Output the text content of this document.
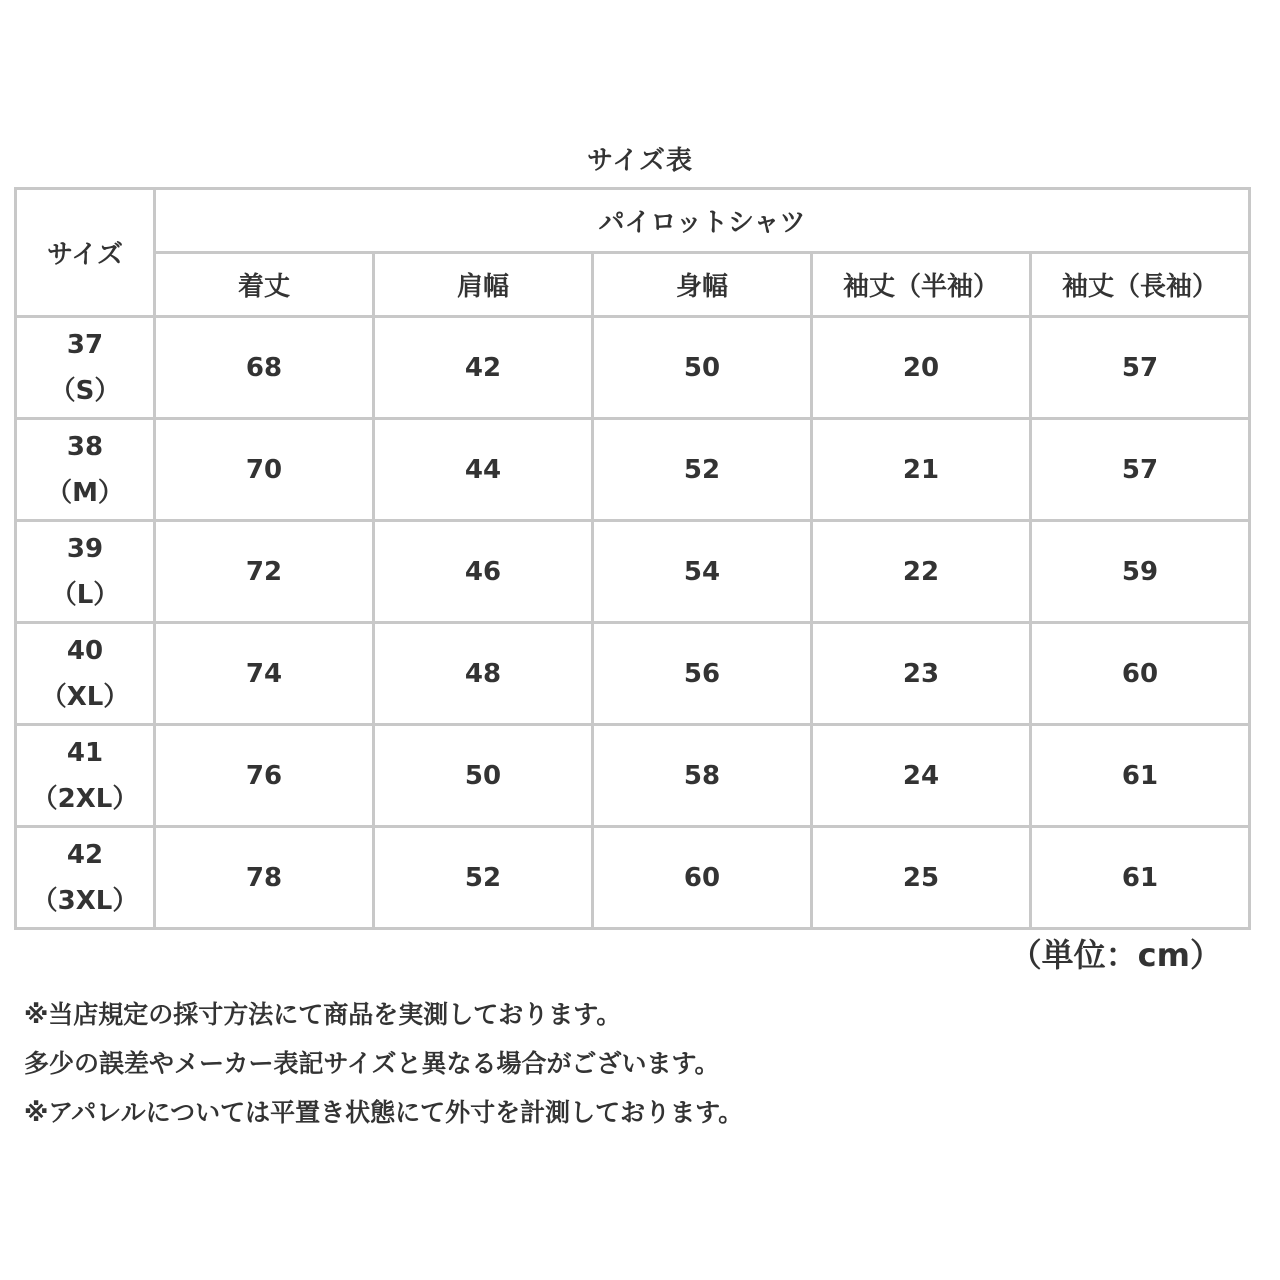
サイズ表
サイズ	パイロットシャツ				
	着丈	肩幅	身幅	袖丈（半袖）	袖丈（長袖）

37
（S）	68	42	50	20	57

38
（M）	70	44	52	21	57

39
（L）	72	46	54	22	59

40
（XL）	74	48	56	23	60

41
（2XL）	76	50	58	24	61

42
（3XL）	78	52	60	25	61
（単位：cm）
※当店規定の採寸方法にて商品を実測しております。
多少の誤差やメーカー表記サイズと異なる場合がございます。
※アパレルについては平置き状態にて外寸を計測しております。
